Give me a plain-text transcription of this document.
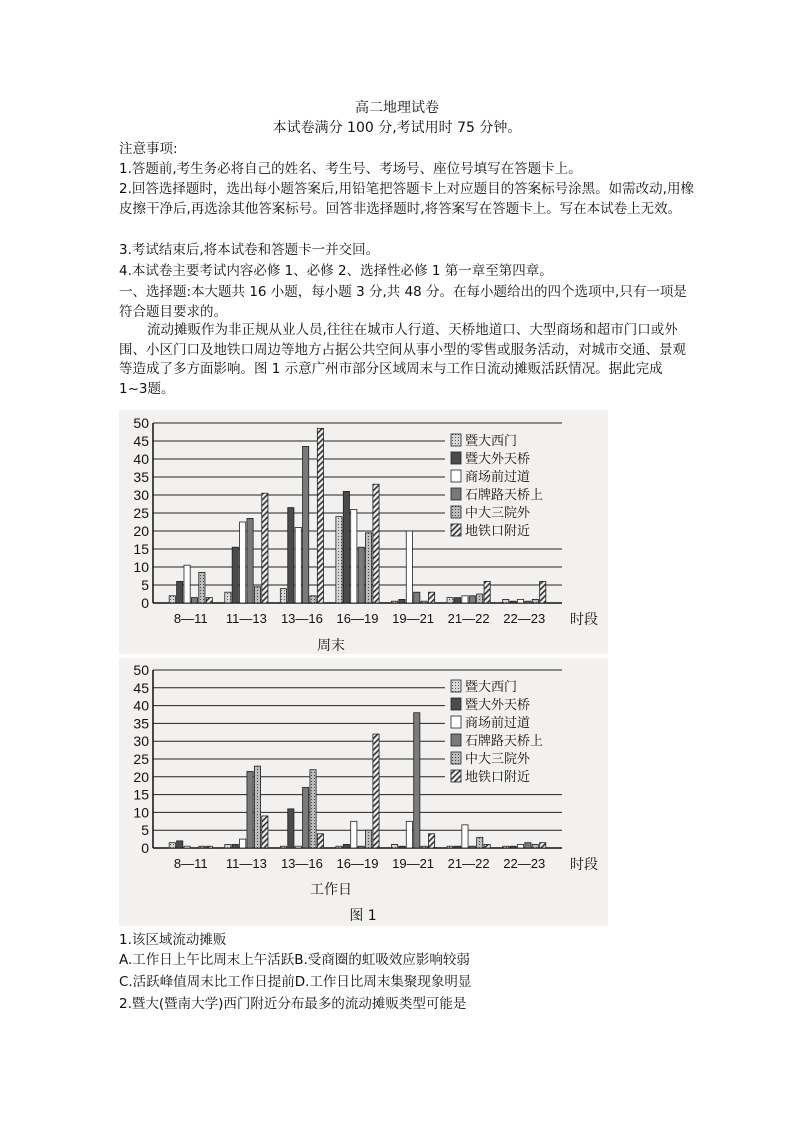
高二地理试卷
本试卷满分 100 分,考试用时 75 分钟。
注意事项:
1.答题前,考生务必将自己的姓名、考生号、考场号、座位号填写在答题卡上。
2.回答选择题时，选出每小题答案后,用铅笔把答题卡上对应题目的答案标号涂黑。如需改动,用橡皮擦干净后,再选涂其他答案标号。回答非选择题时,将答案写在答题卡上。写在本试卷上无效。
3.考试结束后,将本试卷和答题卡一并交回。
4.本试卷主要考试内容必修 1、必修 2、选择性必修 1 第一章至第四章。
一、选择题:本大题共 16 小题，每小题 3 分,共 48 分。在每小题给出的四个选项中,只有一项是符合题目要求的。
流动摊贩作为非正规从业人员,往往在城市人行道、天桥地道口、大型商场和超市门口或外围、小区门口及地铁口周边等地方占据公共空间从事小型的零售或服务活动，对城市交通、景观等造成了多方面影响。图 1 示意广州市部分区域周末与工作日流动摊贩活跃情况。据此完成 1~3题。
0
5
10
15
20
25
30
35
40
45
50
8—11 11—13 13—16 16—19 19—21 21—22 22—23 时段
周末
暨大西门
暨大外天桥
商场前过道
石牌路天桥上
中大三院外
地铁口附近
0
5
10
15
20
25
30
35
40
45
50
8—11 11—13 13—16 16—19 19—21 21—22 22—23 时段
工作日
暨大西门
暨大外天桥
商场前过道
石牌路天桥上
中大三院外
地铁口附近
图 1
1.该区域流动摊贩
A.工作日上午比周末上午活跃B.受商圈的虹吸效应影响较弱
C.活跃峰值周末比工作日提前D.工作日比周末集聚现象明显
2.暨大(暨南大学)西门附近分布最多的流动摊贩类型可能是
